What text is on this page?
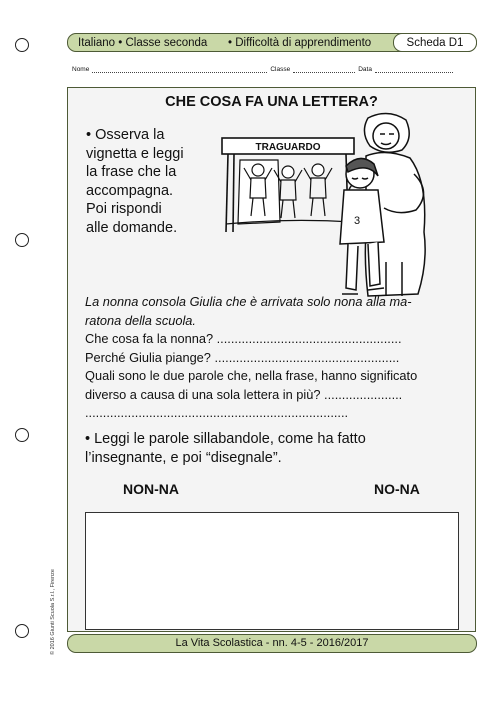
Italiano • Classe seconda	• Difficoltà di apprendimento	Scheda D1
Nome	Classe	Data
CHE COSA FA UNA LETTERA?
• Osserva la
vignetta e leggi
la frase che la
accompagna.
Poi rispondi
alle domande.
TRAGUARDO
3

La nonna consola Giulia che è arrivata solo nona alla ma-

ratona della scuola.

Che cosa fa la nonna? ....................................................

Perché Giulia piange? ....................................................

Quali sono le due parole che, nella frase, hanno significato

diverso a causa di una sola lettera in più? ......................

..........................................................................

• Leggi le parole sillabandole, come ha fatto
l’insegnante, e poi “disegnale”.
NON-NA	NO-NA
© 2016 Giunti Scuola S.r.l., Firenze	La Vita Scolastica - nn. 4-5 - 2016/2017
